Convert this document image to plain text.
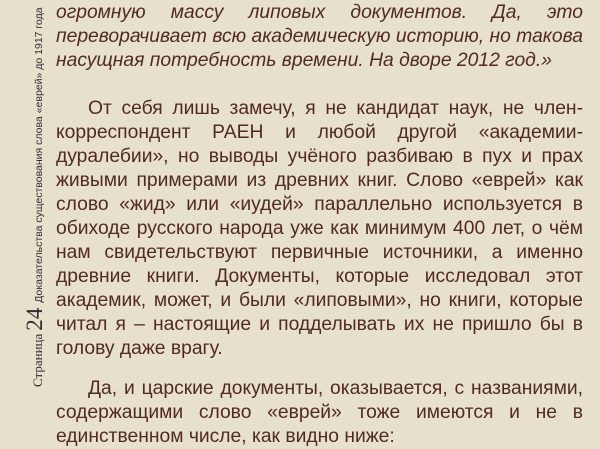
Страница
24
Доказательства существования слова «еврей» до 1917 года огромную массу липовых документов. Да, это переворачивает всю академическую историю, но такова насущная потребность времени. На дворе 2012 год.»

От себя лишь замечу, я не кандидат наук, не член-корреспондент РАЕН и любой другой «академии-дуралебии», но выводы учёного разбиваю в пух и прах живыми примерами из древних книг. Слово «еврей» как слово «жид» или «иудей» параллельно используется в обиходе русского народа уже как минимум 400 лет, о чём нам свидетельствуют первичные источники, а именно древние книги. Документы, которые исследовал этот академик, может, и были «липовыми», но книги, которые читал я – настоящие и подделывать их не пришло бы в голову даже врагу.

Да, и царские документы, оказывается, с названиями, содержащими слово «еврей» тоже имеются и не в единственном числе, как видно ниже:
